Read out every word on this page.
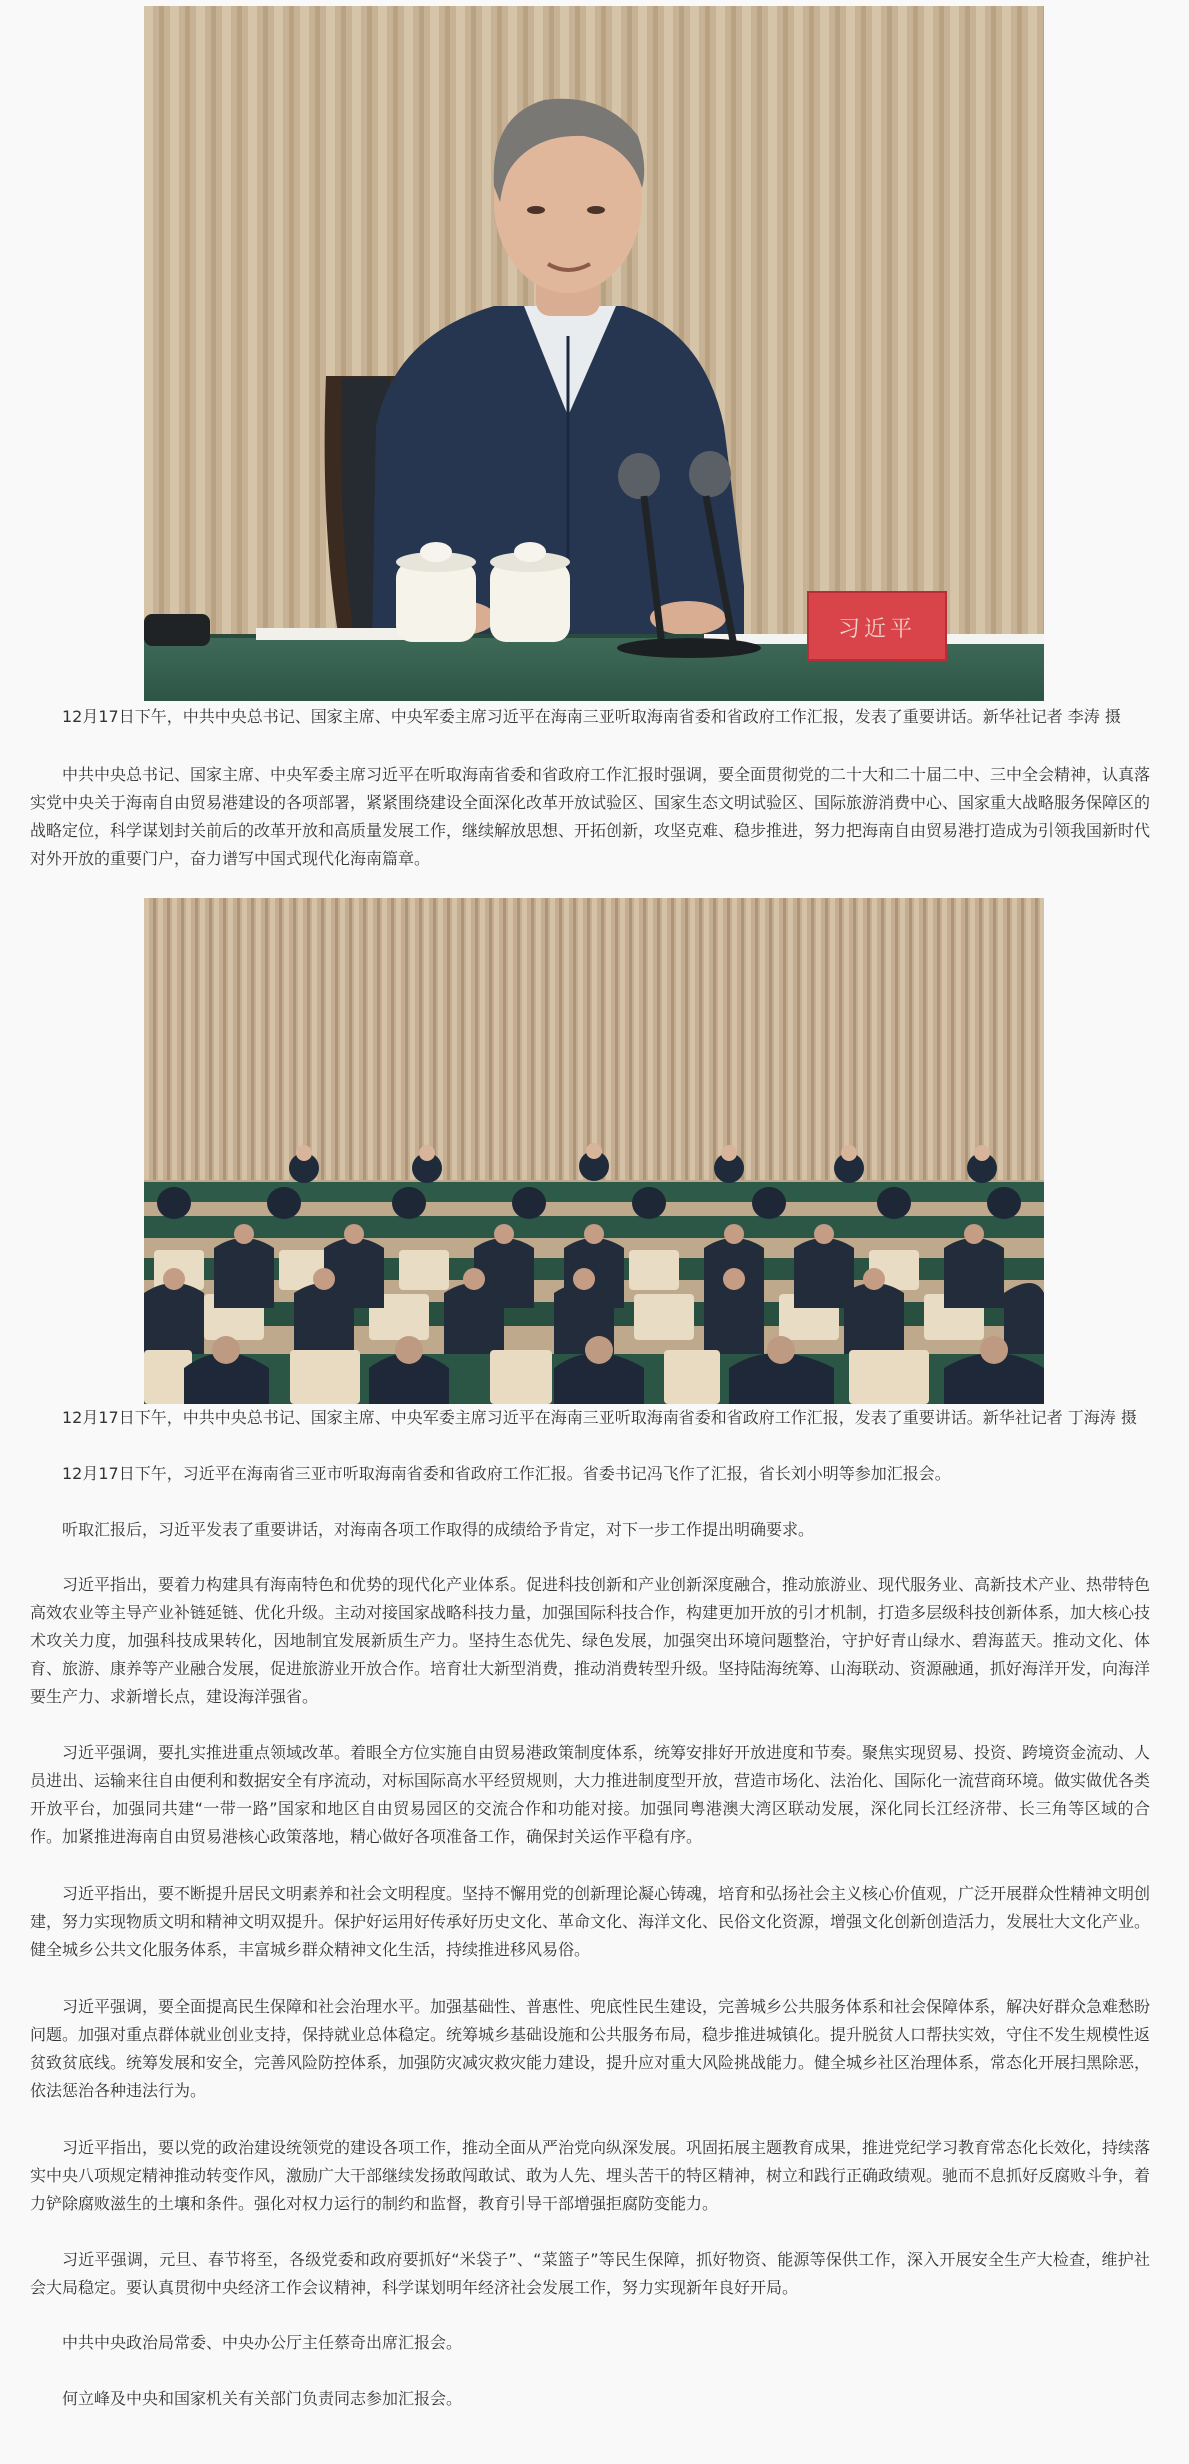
习近平

12月17日下午，中共中央总书记、国家主席、中央军委主席习近平在海南三亚听取海南省委和省政府工作汇报，发表了重要讲话。新华社记者 李涛 摄

中共中央总书记、国家主席、中央军委主席习近平在听取海南省委和省政府工作汇报时强调，要全面贯彻党的二十大和二十届二中、三中全会精神，认真落实党中央关于海南自由贸易港建设的各项部署，紧紧围绕建设全面深化改革开放试验区、国家生态文明试验区、国际旅游消费中心、国家重大战略服务保障区的战略定位，科学谋划封关前后的改革开放和高质量发展工作，继续解放思想、开拓创新，攻坚克难、稳步推进，努力把海南自由贸易港打造成为引领我国新时代对外开放的重要门户，奋力谱写中国式现代化海南篇章。

12月17日下午，中共中央总书记、国家主席、中央军委主席习近平在海南三亚听取海南省委和省政府工作汇报，发表了重要讲话。新华社记者 丁海涛 摄

12月17日下午，习近平在海南省三亚市听取海南省委和省政府工作汇报。省委书记冯飞作了汇报，省长刘小明等参加汇报会。

听取汇报后，习近平发表了重要讲话，对海南各项工作取得的成绩给予肯定，对下一步工作提出明确要求。

习近平指出，要着力构建具有海南特色和优势的现代化产业体系。促进科技创新和产业创新深度融合，推动旅游业、现代服务业、高新技术产业、热带特色高效农业等主导产业补链延链、优化升级。主动对接国家战略科技力量，加强国际科技合作，构建更加开放的引才机制，打造多层级科技创新体系，加大核心技术攻关力度，加强科技成果转化，因地制宜发展新质生产力。坚持生态优先、绿色发展，加强突出环境问题整治，守护好青山绿水、碧海蓝天。推动文化、体育、旅游、康养等产业融合发展，促进旅游业开放合作。培育壮大新型消费，推动消费转型升级。坚持陆海统筹、山海联动、资源融通，抓好海洋开发，向海洋要生产力、求新增长点，建设海洋强省。

习近平强调，要扎实推进重点领域改革。着眼全方位实施自由贸易港政策制度体系，统筹安排好开放进度和节奏。聚焦实现贸易、投资、跨境资金流动、人员进出、运输来往自由便利和数据安全有序流动，对标国际高水平经贸规则，大力推进制度型开放，营造市场化、法治化、国际化一流营商环境。做实做优各类开放平台，加强同共建“一带一路”国家和地区自由贸易园区的交流合作和功能对接。加强同粤港澳大湾区联动发展，深化同长江经济带、长三角等区域的合作。加紧推进海南自由贸易港核心政策落地，精心做好各项准备工作，确保封关运作平稳有序。

习近平指出，要不断提升居民文明素养和社会文明程度。坚持不懈用党的创新理论凝心铸魂，培育和弘扬社会主义核心价值观，广泛开展群众性精神文明创建，努力实现物质文明和精神文明双提升。保护好运用好传承好历史文化、革命文化、海洋文化、民俗文化资源，增强文化创新创造活力，发展壮大文化产业。健全城乡公共文化服务体系，丰富城乡群众精神文化生活，持续推进移风易俗。

习近平强调，要全面提高民生保障和社会治理水平。加强基础性、普惠性、兜底性民生建设，完善城乡公共服务体系和社会保障体系，解决好群众急难愁盼问题。加强对重点群体就业创业支持，保持就业总体稳定。统筹城乡基础设施和公共服务布局，稳步推进城镇化。提升脱贫人口帮扶实效，守住不发生规模性返贫致贫底线。统筹发展和安全，完善风险防控体系，加强防灾减灾救灾能力建设，提升应对重大风险挑战能力。健全城乡社区治理体系，常态化开展扫黑除恶，依法惩治各种违法行为。

习近平指出，要以党的政治建设统领党的建设各项工作，推动全面从严治党向纵深发展。巩固拓展主题教育成果，推进党纪学习教育常态化长效化，持续落实中央八项规定精神推动转变作风，激励广大干部继续发扬敢闯敢试、敢为人先、埋头苦干的特区精神，树立和践行正确政绩观。驰而不息抓好反腐败斗争，着力铲除腐败滋生的土壤和条件。强化对权力运行的制约和监督，教育引导干部增强拒腐防变能力。

习近平强调，元旦、春节将至，各级党委和政府要抓好“米袋子”、“菜篮子”等民生保障，抓好物资、能源等保供工作，深入开展安全生产大检查，维护社会大局稳定。要认真贯彻中央经济工作会议精神，科学谋划明年经济社会发展工作，努力实现新年良好开局。

中共中央政治局常委、中央办公厅主任蔡奇出席汇报会。

何立峰及中央和国家机关有关部门负责同志参加汇报会。
